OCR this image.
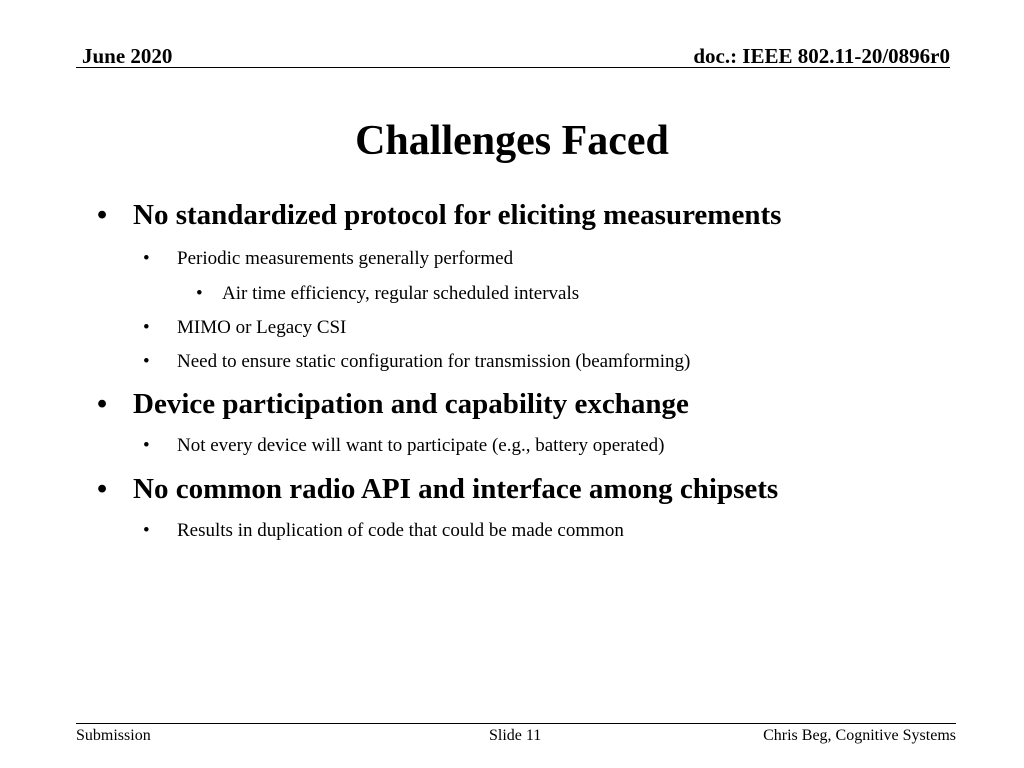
June 2020	doc.: IEEE 802.11-20/0896r0
Challenges Faced
• No standardized protocol for eliciting measurements
• Periodic measurements generally performed
• Air time efficiency, regular scheduled intervals
• MIMO or Legacy CSI
• Need to ensure static configuration for transmission (beamforming)
• Device participation and capability exchange
• Not every device will want to participate (e.g., battery operated)
• No common radio API and interface among chipsets
• Results in duplication of code that could be made common
Submission	Slide 11	Chris Beg, Cognitive Systems
